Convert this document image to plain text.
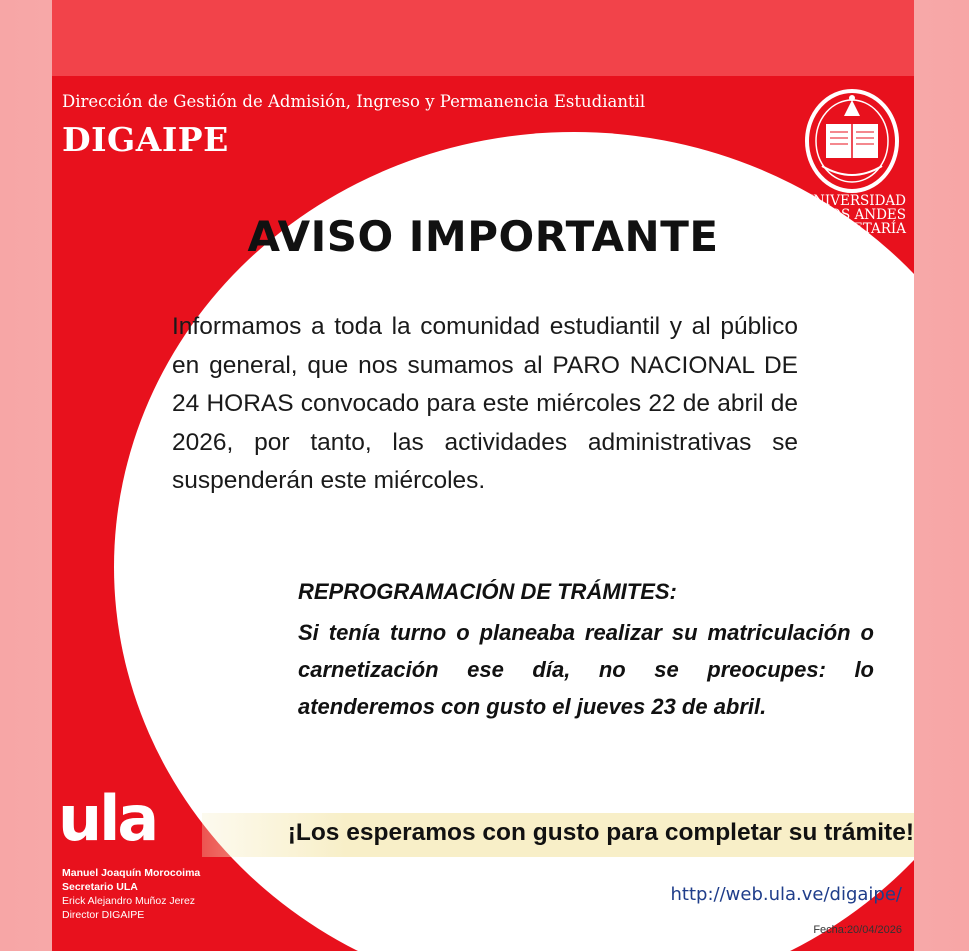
Dirección de Gestión de Admisión, Ingreso y Permanencia Estudiantil
DIGAIPE
UNIVERSIDAD
DE LOS ANDES
SECRETARÍA
AVISO IMPORTANTE
Informamos a toda la comunidad estudiantil y al público en general, que nos sumamos al PARO NACIONAL DE 24 HORAS convocado para este miércoles 22 de abril de 2026, por tanto, las actividades administrativas se suspenderán este miércoles.
REPROGRAMACIÓN DE TRÁMITES:
Si tenía turno o planeaba realizar su matriculación o carnetización ese día, no se preocupes: lo atenderemos con gusto el jueves 23 de abril.
ula	¡Los esperamos con gusto para completar su trámite!
Manuel Joaquín Morocoima
Secretario ULA
Erick Alejandro Muñoz Jerez
Director DIGAIPE
http://web.ula.ve/digaipe/
Fecha:20/04/2026
